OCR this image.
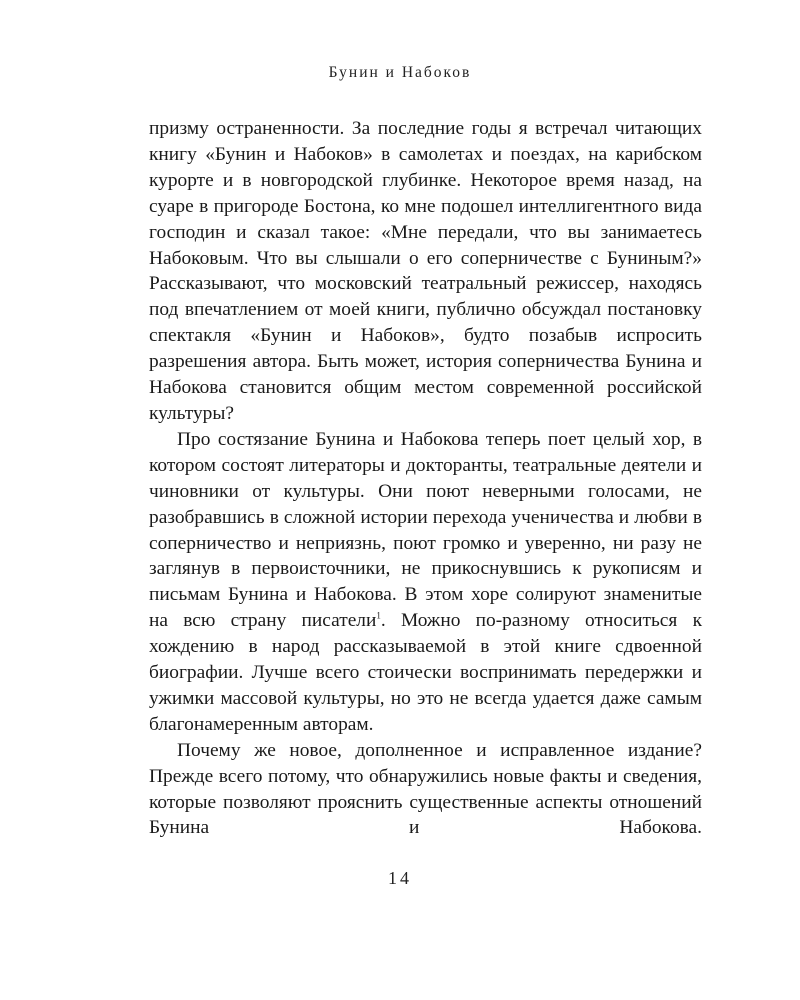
Бунин и Набоков

призму остраненности. За последние годы я встречал читающих книгу «Бунин и Набоков» в самолетах и поездах, на карибском курорте и в новгородской глубинке. Некоторое время назад, на суаре в пригороде Бостона, ко мне подошел интеллигентного вида господин и сказал такое: «Мне передали, что вы занимаетесь Набоковым. Что вы слышали о его соперничестве с Буниным?» Рассказывают, что московский театральный режиссер, находясь под впечатлением от моей книги, публично обсуждал постановку спектакля «Бунин и Набоков», будто позабыв испросить разрешения автора. Быть может, история соперничества Бунина и Набокова становится общим местом современной российской культуры?

Про состязание Бунина и Набокова теперь поет целый хор, в котором состоят литераторы и докторанты, театральные деятели и чиновники от культуры. Они поют неверными голосами, не разобравшись в сложной истории перехода ученичества и любви в соперничество и неприязнь, поют громко и уверенно, ни разу не заглянув в первоисточники, не прикоснувшись к рукописям и письмам Бунина и Набокова. В этом хоре солируют знаменитые на всю страну писатели$^1$. Можно по-разному относиться к хождению в народ рассказываемой в этой книге сдвоенной биографии. Лучше всего стоически воспринимать передержки и ужимки массовой культуры, но это не всегда удается даже самым благонамеренным авторам.

Почему же новое, дополненное и исправленное издание? Прежде всего потому, что обнаружились новые факты и сведения, которые позволяют прояснить существенные аспекты отношений Бунина и Набокова.

14
